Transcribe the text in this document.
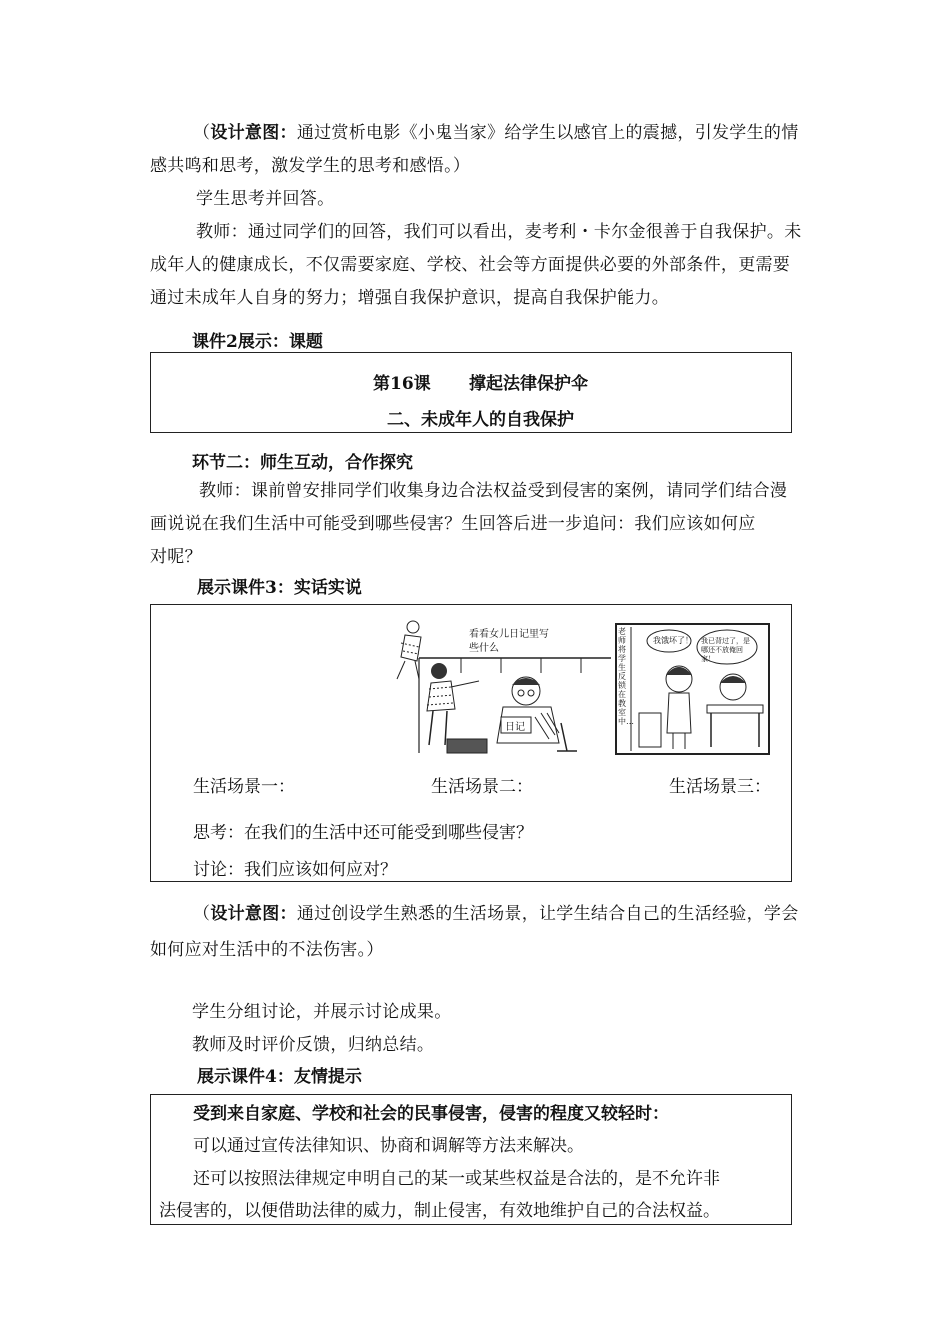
（设计意图：通过赏析电影《小鬼当家》给学生以感官上的震撼，引发学生的情
感共鸣和思考，激发学生的思考和感悟。）
学生思考并回答。
教师：通过同学们的回答，我们可以看出，麦考利・卡尔金很善于自我保护。未
成年人的健康成长，不仅需要家庭、学校、社会等方面提供必要的外部条件，更需要
通过未成年人自身的努力；增强自我保护意识，提高自我保护能力。
课件2展示：课题
第16课 撑起法律保护伞
二、未成年人的自我保护
环节二：师生互动，合作探究
教师：课前曾安排同学们收集身边合法权益受到侵害的案例，请同学们结合漫
画说说在我们生活中可能受到哪些侵害？生回答后进一步追问：我们应该如何应
对呢？
展示课件3：实话实说
看看女儿日记里写
些什么
日记
我饿坏了！ 我已背过了，是哪还不放俺回家！
老师将学生反锁在教室中…
生活场景一：	生活场景二：	生活场景三：
思考：在我们的生活中还可能受到哪些侵害？
讨论：我们应该如何应对？
（设计意图：通过创设学生熟悉的生活场景，让学生结合自己的生活经验，学会
如何应对生活中的不法伤害。）
学生分组讨论，并展示讨论成果。
教师及时评价反馈，归纳总结。
展示课件4：友情提示
受到来自家庭、学校和社会的民事侵害，侵害的程度又较轻时：
可以通过宣传法律知识、协商和调解等方法来解决。
还可以按照法律规定申明自己的某一或某些权益是合法的，是不允许非
法侵害的，以便借助法律的威力，制止侵害，有效地维护自己的合法权益。
